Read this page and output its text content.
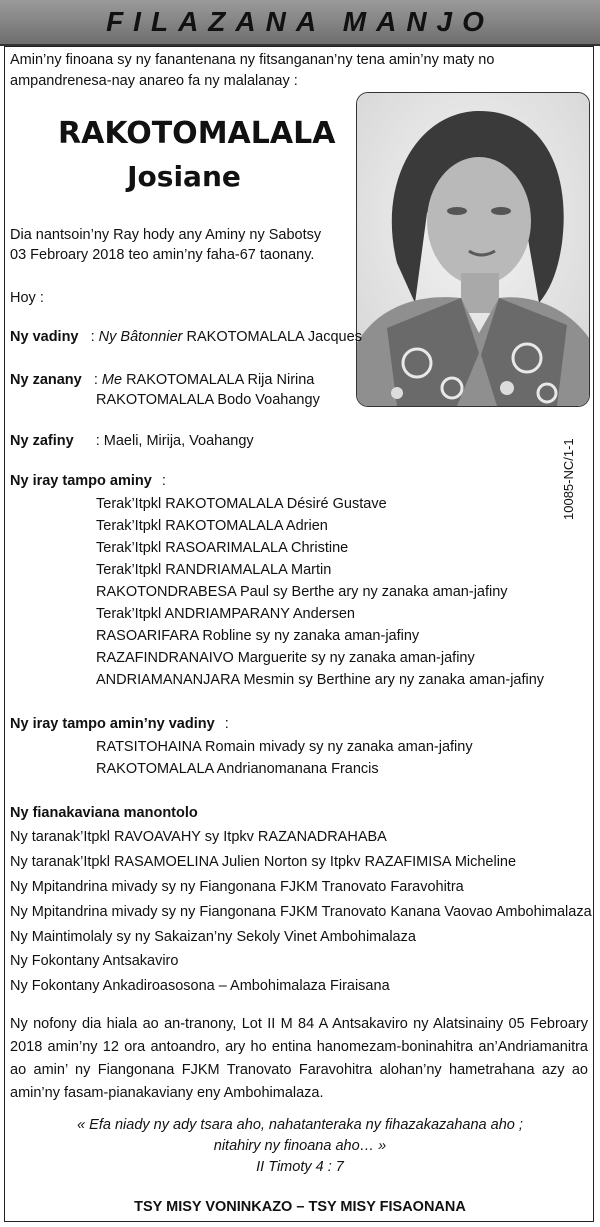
FILAZANA MANJO
Amin’ny finoana sy ny fanantenana ny fitsanganan’ny tena amin’ny maty no ampandrenesa-nay anareo fa ny malalanay :
RAKOTOMALALA
Josiane
Dia nantsoin’ny Ray hody any Aminy ny Sabotsy
03 Febroary 2018 teo amin’ny faha-67 taonany.
Hoy :
Ny vadiny   : Ny Bâtonnier RAKOTOMALALA Jacques
Ny zanany   : Me RAKOTOMALALA Rija Nirina
RAKOTOMALALA Bodo Voahangy
Ny zafiny : Maeli, Mirija, Voahangy
Ny iray tampo aminy :
Terak’Itpkl RAKOTOMALALA Désiré Gustave
Terak’Itpkl RAKOTOMALALA Adrien
Terak’Itpkl RASOARIMALALA Christine
Terak’Itpkl RANDRIAMALALA Martin
RAKOTONDRABESA Paul sy Berthe ary ny zanaka aman-jafiny
Terak’Itpkl ANDRIAMPARANY Andersen
RASOARIFARA Robline sy ny zanaka aman-jafiny
RAZAFINDRANAIVO Marguerite sy ny zanaka aman-jafiny
ANDRIAMANANJARA Mesmin sy Berthine ary ny zanaka aman-jafiny
Ny iray tampo amin’ny vadiny :
RATSITOHAINA Romain mivady sy ny zanaka aman-jafiny
RAKOTOMALALA Andrianomanana Francis
Ny fianakaviana manontolo
Ny taranak’Itpkl RAVOAVAHY sy Itpkv RAZANADRAHABA
Ny taranak’Itpkl RASAMOELINA Julien Norton sy Itpkv RAZAFIMISA Micheline
Ny Mpitandrina mivady sy ny Fiangonana FJKM Tranovato Faravohitra
Ny Mpitandrina mivady sy ny Fiangonana FJKM Tranovato Kanana Vaovao Ambohimalaza
Ny Maintimolaly sy ny Sakaizan’ny Sekoly Vinet Ambohimalaza
Ny Fokontany Antsakaviro
Ny Fokontany Ankadiroasosona – Ambohimalaza Firaisana
Ny nofony dia hiala ao an-tranony, Lot II M 84 A Antsakaviro ny Alatsinainy 05 Febroary 2018 amin’ny 12 ora antoandro, ary ho entina hanomezam-boninahitra an’Andriamanitra ao amin’ ny Fiangonana FJKM Tranovato Faravohitra alohan’ny hametrahana azy ao amin’ny fasam-pianakaviany eny Ambohimalaza.
« Efa niady ny ady tsara aho, nahatanteraka ny fihazakazahana aho ;
nitahiry ny finoana aho… »
II Timoty 4 : 7
10085-NC/1-1
TSY MISY VONINKAZO – TSY MISY FISAONANA
